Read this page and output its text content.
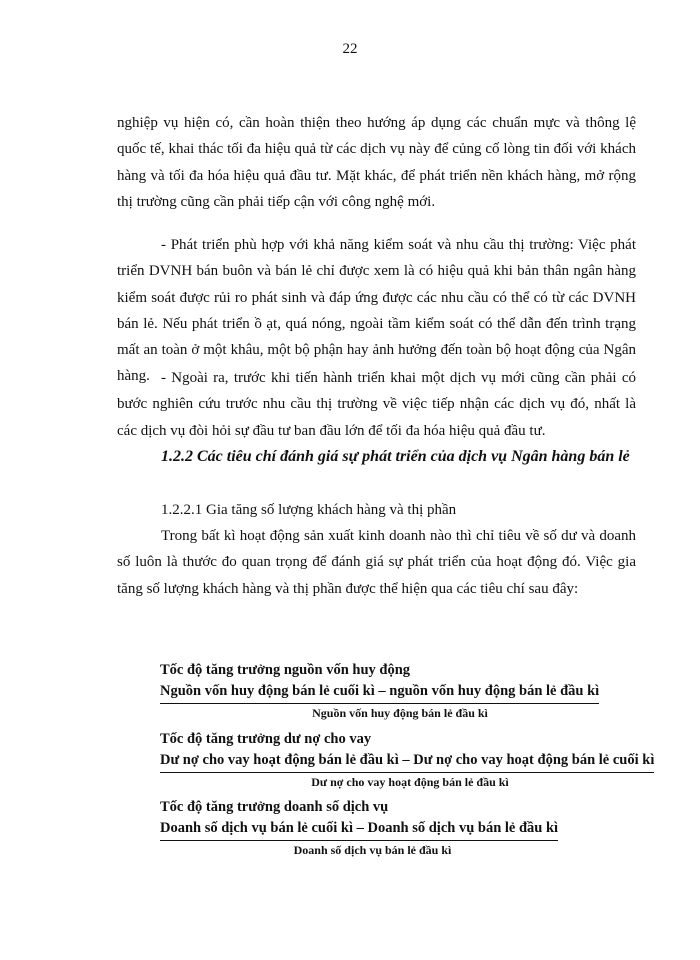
22

nghiệp vụ hiện có, cần hoàn thiện theo hướng áp dụng các chuẩn mực và thông lệ quốc tế, khai thác tối đa hiệu quả từ các dịch vụ này để củng cố lòng tin đối với khách hàng và tối đa hóa hiệu quả đầu tư. Mặt khác, để phát triển nền khách hàng, mở rộng thị trường cũng cần phải tiếp cận với công nghệ mới.

- Phát triển phù hợp với khả năng kiểm soát và nhu cầu thị trường: Việc phát triển DVNH bán buôn và bán lẻ chỉ được xem là có hiệu quả khi bản thân ngân hàng kiểm soát được rủi ro phát sinh và đáp ứng được các nhu cầu có thể có từ các DVNH bán lẻ. Nếu phát triển ồ ạt, quá nóng, ngoài tầm kiểm soát có thể dẫn đến trình trạng mất an toàn ở một khâu, một bộ phận hay ảnh hưởng đến toàn bộ hoạt động của Ngân hàng. - Ngoài ra, trước khi tiến hành triển khai một dịch vụ mới cũng cần phải có bước nghiên cứu trước nhu cầu thị trường về việc tiếp nhận các dịch vụ đó, nhất là các dịch vụ đòi hỏi sự đầu tư ban đầu lớn để tối đa hóa hiệu quả đầu tư.

1.2.2 Các tiêu chí đánh giá sự phát triển của dịch vụ Ngân hàng bán lẻ

1.2.2.1 Gia tăng số lượng khách hàng và thị phần

Trong bất kì hoạt động sản xuất kinh doanh nào thì chỉ tiêu về số dư và doanh số luôn là thước đo quan trọng để đánh giá sự phát triển của hoạt động đó. Việc gia tăng số lượng khách hàng và thị phần được thể hiện qua các tiêu chí sau đây:

Tốc độ tăng trưởng nguồn vốn huy động
Nguồn vốn huy động bán lẻ cuối kì – nguồn vốn huy động bán lẻ đầu kì
Nguồn vốn huy động bán lẻ đầu kì
Tốc độ tăng trưởng dư nợ cho vay
Dư nợ cho vay hoạt động bán lẻ đầu kì – Dư nợ cho vay hoạt động bán lẻ cuối kì
Dư nợ cho vay hoạt động bán lẻ đầu kì
Tốc độ tăng trưởng doanh số dịch vụ
Doanh số dịch vụ bán lẻ cuối kì – Doanh số dịch vụ bán lẻ đầu kì
Doanh số dịch vụ bán lẻ đầu kì
